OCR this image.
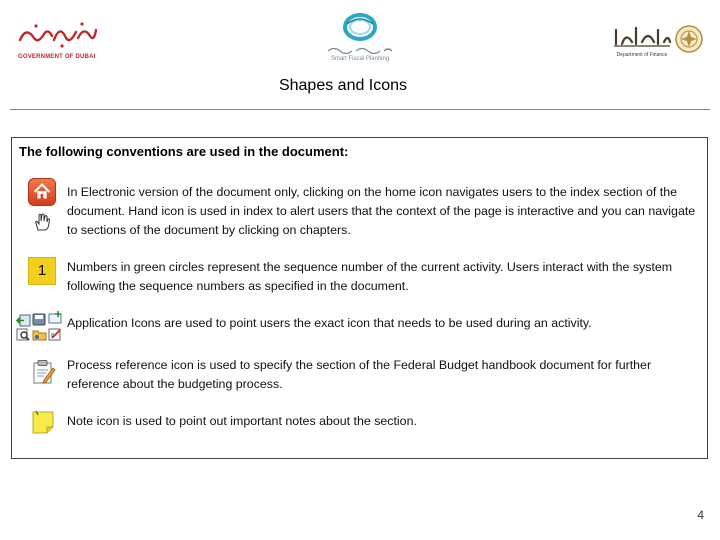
GOVERNMENT OF DUBAI	Smart Fiscal Planning
Department of Finance
Shapes and Icons
The following conventions are used in the document:
In Electronic version of the document only, clicking on the home icon navigates users to the index section of the document. Hand icon is used in index to alert users that the context of the page is interactive and you can navigate to sections of the document by clicking on chapters.
1	Numbers in green circles represent the sequence number of the current activity. Users interact with the system following the sequence numbers as specified in the document.
Application Icons are used to point users the exact icon that needs to be used during an activity.
Process reference icon is used to specify the section of the Federal Budget handbook document for further reference about the budgeting process.
Note icon is used to point out important notes about the section.
4
